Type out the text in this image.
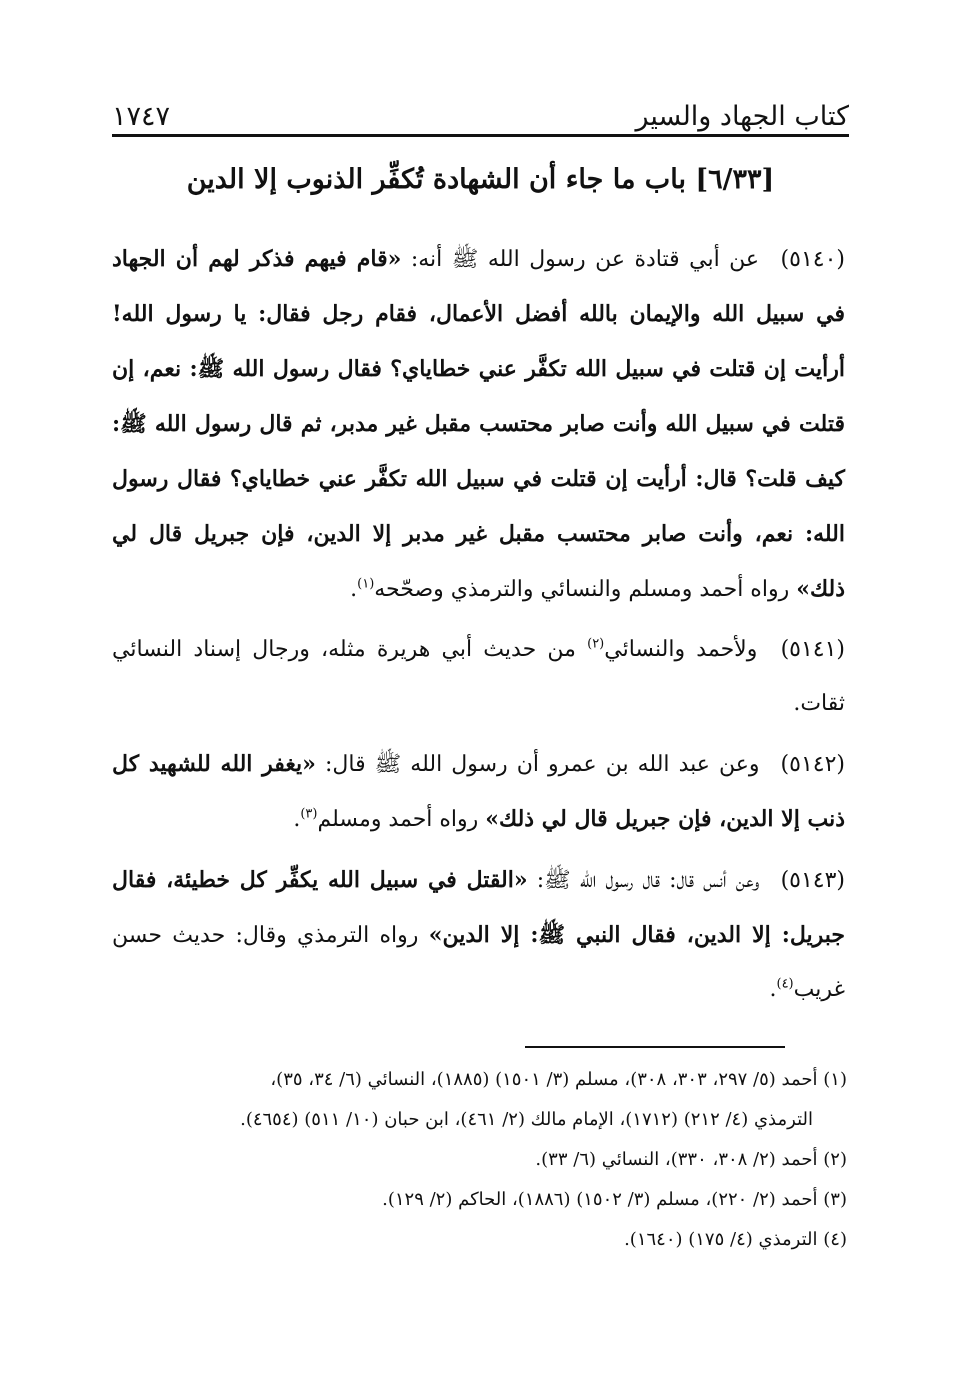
كتاب الجهاد والسير
١٧٤٧
[٦/٣٣] باب ما جاء أن الشهادة تُكفِّر الذنوب إلا الدين

(٥١٤٠) عن أبي قتادة عن رسول الله ﷺ أنه: «قام فيهم فذكر لهم أن الجهاد في سبيل الله والإيمان بالله أفضل الأعمال، فقام رجل فقال: يا رسول الله! أرأيت إن قتلت في سبيل الله تكفَّر عني خطاياي؟ فقال رسول الله ﷺ: نعم، إن قتلت في سبيل الله وأنت صابر محتسب مقبل غير مدبر، ثم قال رسول الله ﷺ: كيف قلت؟ قال: أرأيت إن قتلت في سبيل الله تكفَّر عني خطاياي؟ فقال رسول الله: نعم، وأنت صابر محتسب مقبل غير مدبر إلا الدين، فإن جبريل قال لي ذلك» رواه أحمد ومسلم والنسائي والترمذي وصحّحه$^{(١)}$.

(٥١٤١) ولأحمد والنسائي$^{(٢)}$ من حديث أبي هريرة مثله، ورجال إسناد النسائي ثقات.

(٥١٤٢) وعن عبد الله بن عمرو أن رسول الله ﷺ قال: «يغفر الله للشهيد كل ذنب إلا الدين، فإن جبريل قال لي ذلك» رواه أحمد ومسلم$^{(٣)}$.

(٥١٤٣) وعن أنس قال: قال رسول الله ﷺ: «القتل في سبيل الله يكفِّر كل خطيئة، فقال جبريل: إلا الدين، فقال النبي ﷺ: إلا الدين» رواه الترمذي وقال: حديث حسن غريب$^{(٤)}$.

(١) أحمد (٥/ ٢٩٧، ٣٠٣، ٣٠٨)، مسلم (٣/ ١٥٠١) (١٨٨٥)، النسائي (٦/ ٣٤، ٣٥)،
الترمذي (٤/ ٢١٢) (١٧١٢)، الإمام مالك (٢/ ٤٦١)، ابن حبان (١٠/ ٥١١) (٤٦٥٤).

(٢) أحمد (٢/ ٣٠٨، ٣٣٠)، النسائي (٦/ ٣٣).

(٣) أحمد (٢/ ٢٢٠)، مسلم (٣/ ١٥٠٢) (١٨٨٦)، الحاكم (٢/ ١٢٩).

(٤) الترمذي (٤/ ١٧٥) (١٦٤٠).
